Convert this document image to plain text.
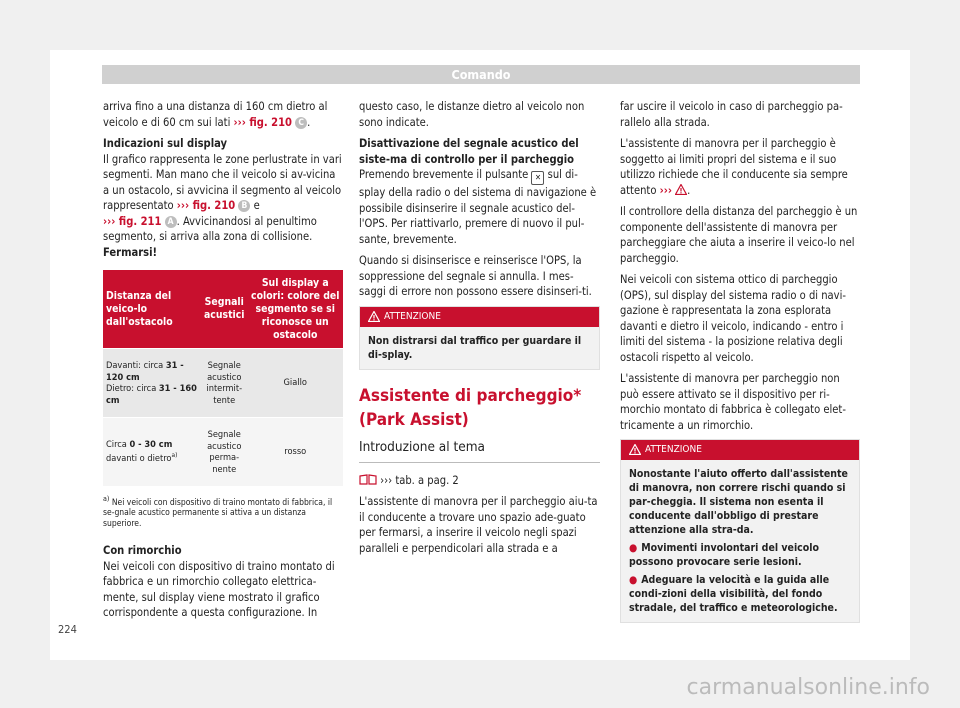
Comando

arriva fino a una distanza di 160 cm dietro al veicolo e di 60 cm sui lati ››› fig. 210 C .

Indicazioni sul display

Il grafico rappresenta le zone perlustrate in vari segmenti. Man mano che il veicolo si av-vicina a un ostacolo, si avvicina il segmento al veicolo rappresentato ››› fig. 210 B e
››› fig. 211 A . Avvicinandosi al penultimo segmento, si arriva alla zona di collisione.
Fermarsi!

Distanza del veico-lo dall'ostacolo	Segnali acustici	Sul display a colori: colore del segmento se si riconosce un ostacolo
Davanti: circa 31 - 120 cm
Dietro: circa 31 - 160 cm	Segnale acustico intermit-tente	Giallo
Circa 0 - 30 cm davanti o dietro$^{a)}$	Segnale acustico perma-nente	rosso

$^{a)}$ Nei veicoli con dispositivo di traino montato di fabbrica, il se-gnale acustico permanente si attiva a un distanza superiore.

Con rimorchio

Nei veicoli con dispositivo di traino montato di fabbrica e un rimorchio collegato elettrica-mente, sul display viene mostrato il grafico corrispondente a questa configurazione. In

questo caso, le distanze dietro al veicolo non sono indicate.

Disattivazione del segnale acustico del siste-ma di controllo per il parcheggio

Premendo brevemente il pulsante ✕ sul di-splay della radio o del sistema di navigazione è possibile disinserire il segnale acustico del-l'OPS. Per riattivarlo, premere di nuovo il pul-sante, brevemente.

Quando si disinserisce e reinserisce l'OPS, la soppressione del segnale si annulla. I mes-saggi di errore non possono essere disinseri-ti.

ATTENZIONE
Non distrarsi dal traffico per guardare il di-splay.
Assistente di parcheggio* (Park Assist)
Introduzione al tema

››› tab. a pag. 2

L'assistente di manovra per il parcheggio aiu-ta il conducente a trovare uno spazio ade-guato per fermarsi, a inserire il veicolo negli spazi paralleli e perpendicolari alla strada e a

far uscire il veicolo in caso di parcheggio pa-rallelo alla strada.

L'assistente di manovra per il parcheggio è soggetto ai limiti propri del sistema e il suo utilizzo richiede che il conducente sia sempre attento ››› .

Il controllore della distanza del parcheggio è un componente dell'assistente di manovra per parcheggiare che aiuta a inserire il veico-lo nel parcheggio.

Nei veicoli con sistema ottico di parcheggio (OPS), sul display del sistema radio o di navi-gazione è rappresentata la zona esplorata davanti e dietro il veicolo, indicando - entro i limiti del sistema - la posizione relativa degli ostacoli rispetto al veicolo.

L'assistente di manovra per parcheggio non può essere attivato se il dispositivo per ri-morchio montato di fabbrica è collegato elet-tricamente a un rimorchio.

ATTENZIONE
Nonostante l'aiuto offerto dall'assistente di manovra, non correre rischi quando si par-cheggia. Il sistema non esenta il conducente dall'obbligo di prestare attenzione alla stra-da.
● Movimenti involontari del veicolo possono provocare serie lesioni.
● Adeguare la velocità e la guida alle condi-zioni della visibilità, del fondo stradale, del traffico e meteorologiche.
224
carmanualsonline.info
